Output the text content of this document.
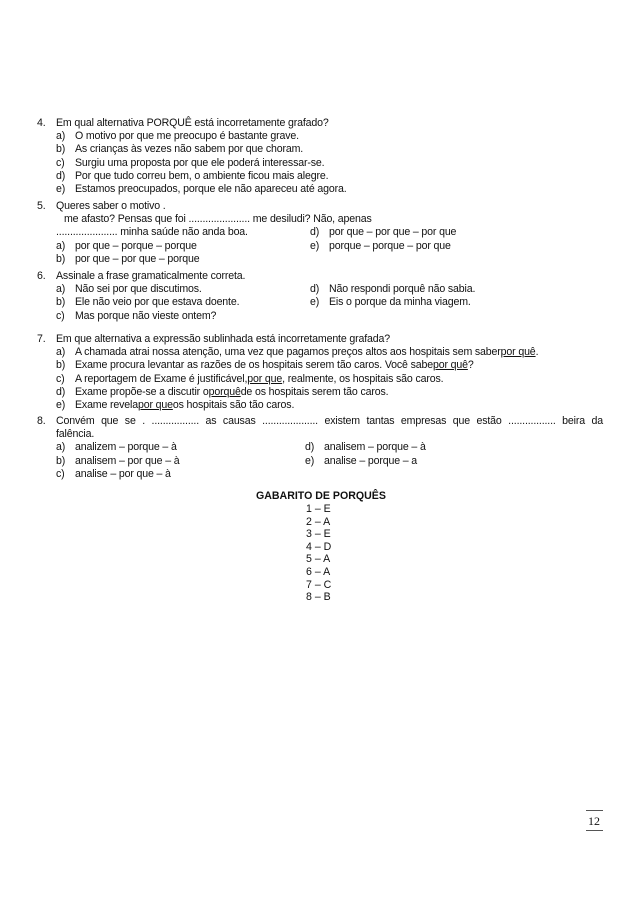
4. Em qual alternativa PORQUÊ está incorretamente grafado?
a) O motivo por que me preocupo é bastante grave.
b) As crianças às vezes não sabem por que choram.
c) Surgiu uma proposta por que ele poderá interessar-se.
d) Por que tudo correu bem, o ambiente ficou mais alegre.
e) Estamos preocupados, porque ele não apareceu até agora.
5. Queres saber o motivo .
me afasto? Pensas que foi ...................... me desiludi? Não, apenas
...................... minha saúde não anda boa.	d) por que – por que – por que
a) por que – porque – porque	e) porque – porque – por que
b) por que – por que – porque
6. Assinale a frase gramaticalmente correta.
a) Não sei por que discutimos.	d) Não respondi porquê não sabia.
b) Ele não veio por que estava doente.	e) Eis o porque da minha viagem.
c) Mas porque não vieste ontem?
7. Em que alternativa a expressão sublinhada está incorretamente grafada?
a) A chamada atrai nossa atenção, uma vez que pagamos preços altos aos hospitais sem saber por quê .
b) Exame procura levantar as razões de os hospitais serem tão caros. Você sabe por quê ?
c) A reportagem de Exame é justificável, por que , realmente, os hospitais são caros.
d) Exame propõe-se a discutir o porquê de os hospitais serem tão caros.
e) Exame revela por que os hospitais são tão caros.
8. Convém que se . ................. as causas .................... existem tantas empresas que estão ................. beira da
falência.
a) analizem – porque – à	d) analisem – porque – à
b) analisem – por que – à	e) analise – porque – a
c) analise – por que – à
GABARITO DE PORQUÊS
1 – E
2 – A
3 – E
4 – D
5 – A
6 – A
7 – C
8 – B
12
